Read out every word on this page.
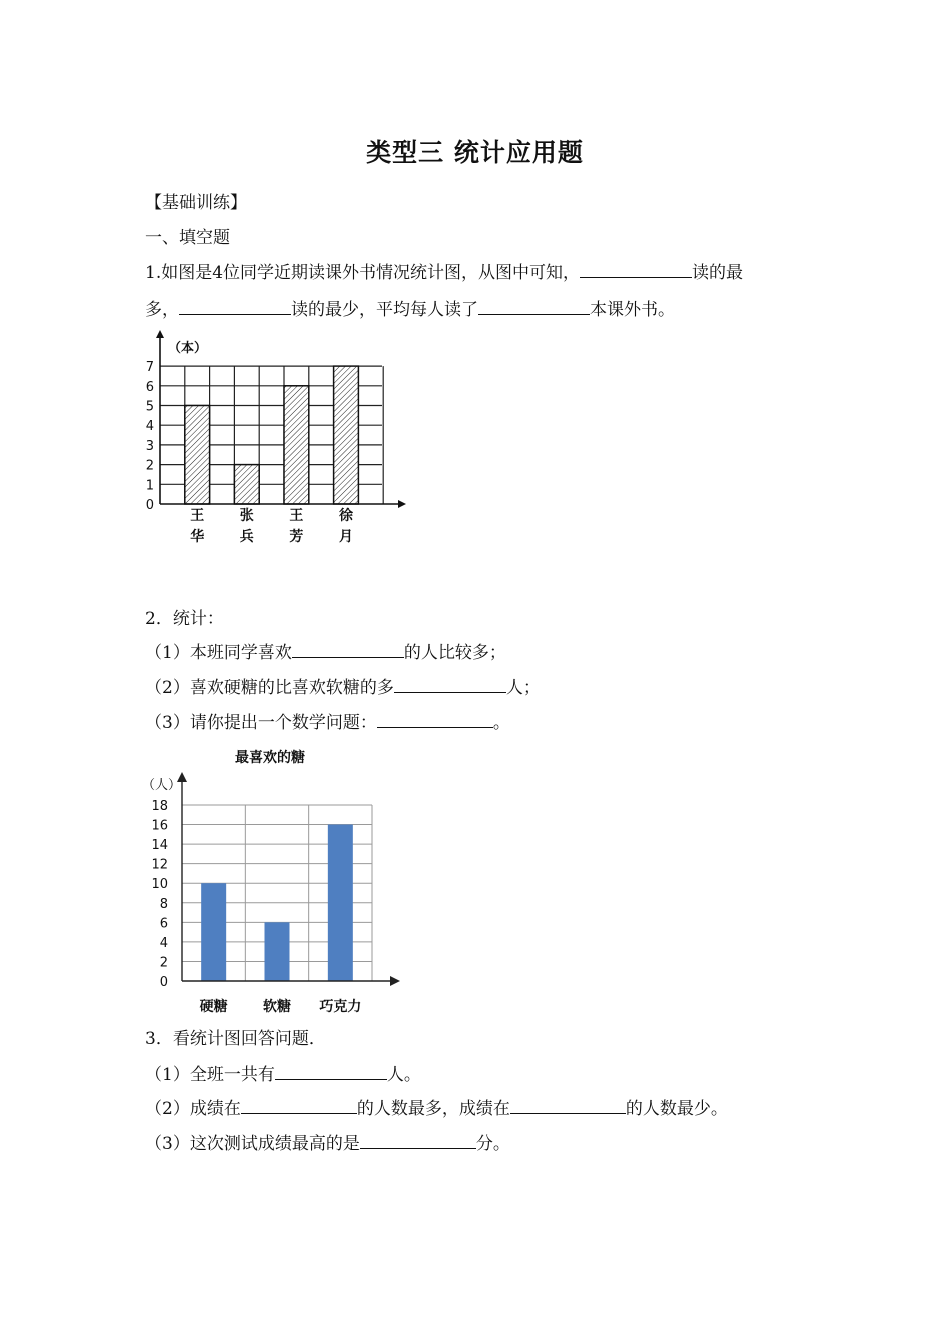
类型三 统计应用题
【基础训练】
一、填空题
1.如图是4位同学近期读课外书情况统计图，从图中可知，	读的最
多，	读的最少，平均每人读了	本课外书。
0
1
2
3
4
5
6
7
（本）
王
华
张
兵
王
芳
徐
月
2．统计：
（1）本班同学喜欢	的人比较多；
（2）喜欢硬糖的比喜欢软糖的多	人；
（3）请你提出一个数学问题：	。
最喜欢的糖
（人）
0
2
4
6
8
10
12
14
16
18
硬糖	软糖 巧克力
3．看统计图回答问题．
（1）全班一共有	人。
（2）成绩在	的人数最多，成绩在	的人数最少。
（3）这次测试成绩最高的是	分。
